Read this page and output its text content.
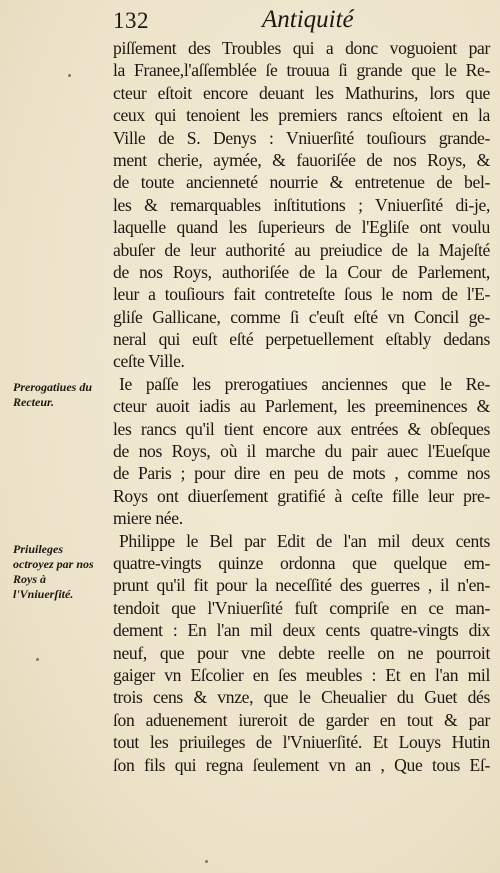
132	Antiquité
piſſement des Troubles qui a donc voguoient par
la Franee,l'aſſemblée ſe trouua ſi grande que le Re-
cteur eſtoit encore deuant les Mathurins, lors que
ceux qui tenoient les premiers rancs eſtoient en la
Ville de S. Denys : Vniuerſité touſiours grande-
ment cherie, aymée, & fauoriſée de nos Roys, &
de toute ancienneté nourrie & entretenue de bel-
les & remarquables inſtitutions ; Vniuerſité di-je,
laquelle quand les ſuperieurs de l'Egliſe ont voulu
abuſer de leur authorité au preiudice de la Majeſté
de nos Roys, authoriſée de la Cour de Parlement,
leur a touſiours fait contreteſte ſous le nom de l'E-
gliſe Gallicane, comme ſi c'euſt eſté vn Concil ge-
neral qui euſt eſté perpetuellement eſtably dedans
ceſte Ville.
Ie paſſe les prerogatiues anciennes que le Re-
cteur auoit iadis au Parlement, les preeminences &
les rancs qu'il tient encore aux entrées & obſeques
de nos Roys, où il marche du pair auec l'Eueſque
de Paris ; pour dire en peu de mots , comme nos
Roys ont diuerſement gratifié à ceſte fille leur pre-
miere née.
Philippe le Bel par Edit de l'an mil deux cents
quatre-vingts quinze ordonna que quelque em-
prunt qu'il fit pour la neceſſité des guerres , il n'en-
tendoit que l'Vniuerſité fuſt compriſe en ce man-
dement : En l'an mil deux cents quatre-vingts dix
neuf, que pour vne debte reelle on ne pourroit
gaiger vn Eſcolier en ſes meubles : Et en l'an mil
trois cens & vnze, que le Cheualier du Guet dés
ſon aduenement iureroit de garder en tout & par
tout les priuileges de l'Vniuerſité. Et Louys Hutin
ſon fils qui regna ſeulement vn an , Que tous Eſ-
Prerogatiues du Recteur.
Priuileges octroyez par nos Roys à l'Vniuerſité.
